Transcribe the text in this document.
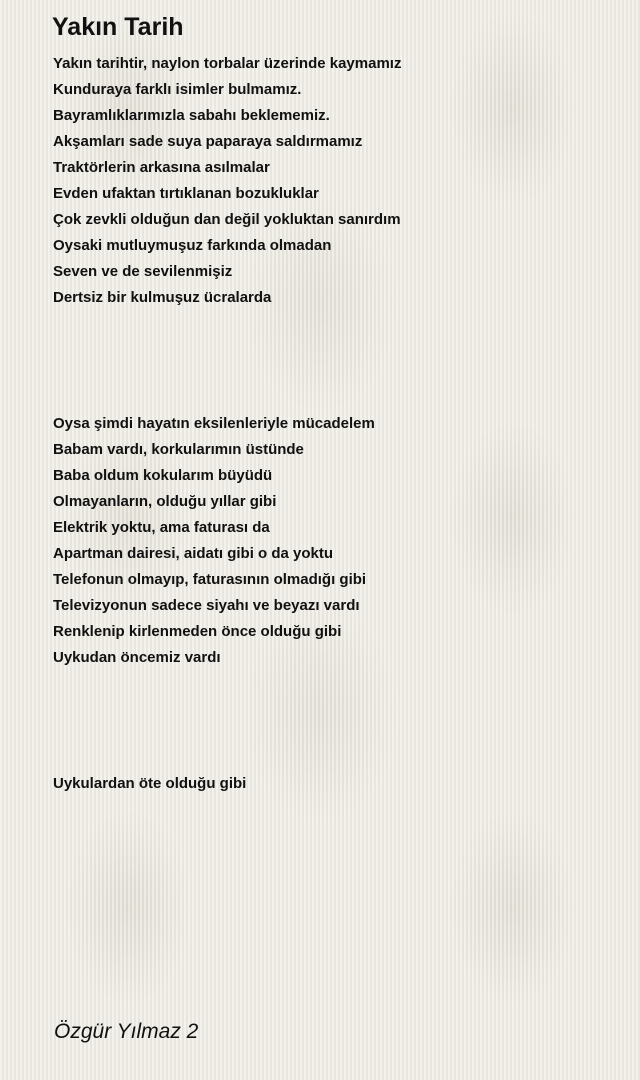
Yakın Tarih
Yakın tarihtir, naylon torbalar üzerinde kaymamız
Kunduraya farklı isimler bulmamız.
Bayramlıklarımızla sabahı beklememiz.
Akşamları sade suya paparaya saldırmamız
Traktörlerin arkasına asılmalar
Evden ufaktan tırtıklanan bozukluklar
Çok zevkli olduğun dan değil yokluktan sanırdım
Oysaki mutluymuşuz farkında olmadan
Seven ve de sevilenmişiz
Dertsiz bir kulmuşuz ücralarda
Oysa şimdi hayatın eksilenleriyle mücadelem
Babam vardı, korkularımın üstünde
Baba oldum kokularım büyüdü
Olmayanların, olduğu yıllar gibi
Elektrik yoktu, ama faturası da
Apartman dairesi, aidatı gibi o da yoktu
Telefonun olmayıp, faturasının olmadığı gibi
Televizyonun sadece siyahı ve beyazı vardı
Renklenip kirlenmeden önce olduğu gibi
Uykudan öncemiz vardı
Uykulardan öte olduğu gibi
Özgür Yılmaz 2
